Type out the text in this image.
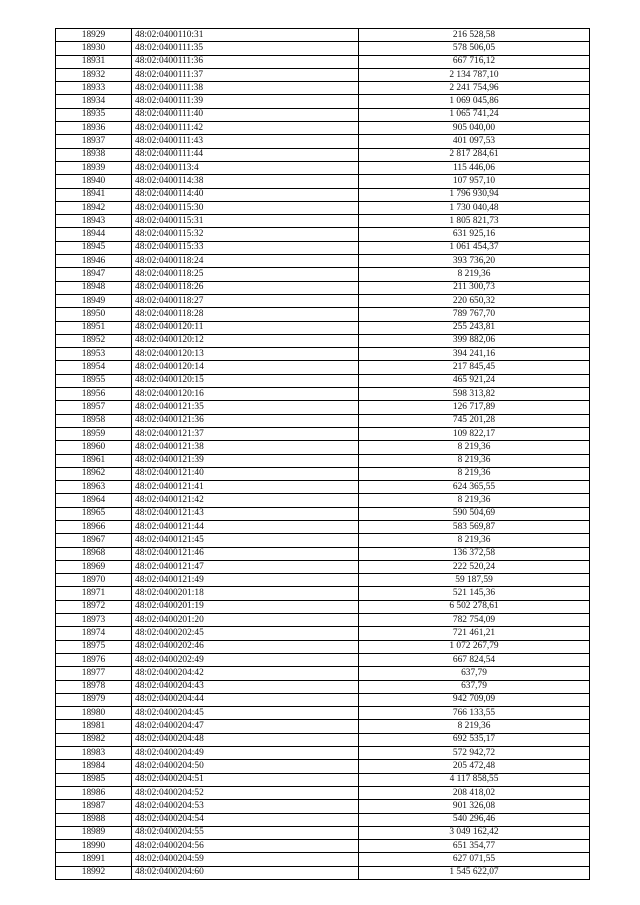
18929	48:02:0400110:31	216 528,58
18930	48:02:0400111:35	578 506,05
18931	48:02:0400111:36	667 716,12
18932	48:02:0400111:37	2 134 787,10
18933	48:02:0400111:38	2 241 754,96
18934	48:02:0400111:39	1 069 045,86
18935	48:02:0400111:40	1 065 741,24
18936	48:02:0400111:42	905 040,00
18937	48:02:0400111:43	401 097,53
18938	48:02:0400111:44	2 817 284,61
18939	48:02:0400113:4	115 446,06
18940	48:02:0400114:38	107 957,10
18941	48:02:0400114:40	1 796 930,94
18942	48:02:0400115:30	1 730 040,48
18943	48:02:0400115:31	1 805 821,73
18944	48:02:0400115:32	631 925,16
18945	48:02:0400115:33	1 061 454,37
18946	48:02:0400118:24	393 736,20
18947	48:02:0400118:25	8 219,36
18948	48:02:0400118:26	211 300,73
18949	48:02:0400118:27	220 650,32
18950	48:02:0400118:28	789 767,70
18951	48:02:0400120:11	255 243,81
18952	48:02:0400120:12	399 882,06
18953	48:02:0400120:13	394 241,16
18954	48:02:0400120:14	217 845,45
18955	48:02:0400120:15	465 921,24
18956	48:02:0400120:16	598 313,82
18957	48:02:0400121:35	126 717,89
18958	48:02:0400121:36	745 201,28
18959	48:02:0400121:37	109 822,17
18960	48:02:0400121:38	8 219,36
18961	48:02:0400121:39	8 219,36
18962	48:02:0400121:40	8 219,36
18963	48:02:0400121:41	624 365,55
18964	48:02:0400121:42	8 219,36
18965	48:02:0400121:43	590 504,69
18966	48:02:0400121:44	583 569,87
18967	48:02:0400121:45	8 219,36
18968	48:02:0400121:46	136 372,58
18969	48:02:0400121:47	222 520,24
18970	48:02:0400121:49	59 187,59
18971	48:02:0400201:18	521 145,36
18972	48:02:0400201:19	6 502 278,61
18973	48:02:0400201:20	782 754,09
18974	48:02:0400202:45	721 461,21
18975	48:02:0400202:46	1 072 267,79
18976	48:02:0400202:49	667 824,54
18977	48:02:0400204:42	637,79
18978	48:02:0400204:43	637,79
18979	48:02:0400204:44	942 709,09
18980	48:02:0400204:45	766 133,55
18981	48:02:0400204:47	8 219,36
18982	48:02:0400204:48	692 535,17
18983	48:02:0400204:49	572 942,72
18984	48:02:0400204:50	205 472,48
18985	48:02:0400204:51	4 117 858,55
18986	48:02:0400204:52	208 418,02
18987	48:02:0400204:53	901 326,08
18988	48:02:0400204:54	540 296,46
18989	48:02:0400204:55	3 049 162,42
18990	48:02:0400204:56	651 354,77
18991	48:02:0400204:59	627 071,55
18992	48:02:0400204:60	1 545 622,07
